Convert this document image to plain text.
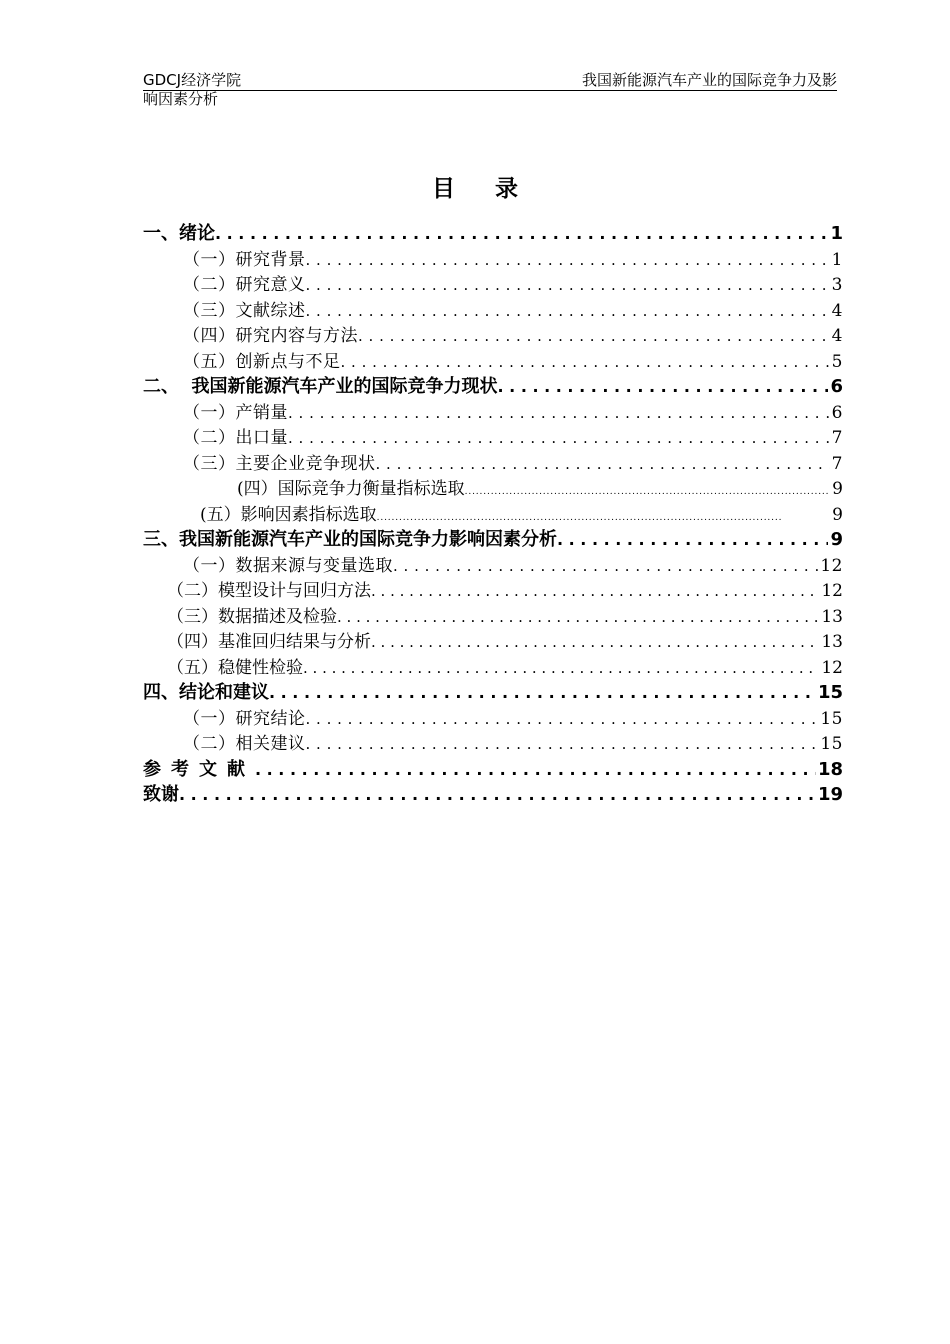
GDCJ经济学院	我国新能源汽车产业的国际竞争力及影
响因素分析
目录
一、绪论 . . .	1
（一）研究背景 . . .	1
（二）研究意义 . . .	3
（三）文献综述 . . .	4
（四）研究内容与方法 . . .	4
（五）创新点与不足 . . .	5
二、  我国新能源汽车产业的国际竞争力现状 . . .	6
（一）产销量 . . .	6
（二）出口量 . . .	7
（三）主要企业竞争现状 . . .	7
(四）国际竞争力衡量指标选取 . . .	9
(五）影响因素指标选取 . . .	9
三、我国新能源汽车产业的国际竞争力影响因素分析 . . .	9
（一）数据来源与变量选取 . . .	12
（二）模型设计与回归方法 . . .	12
（三）数据描述及检验 . . .	13
（四）基准回归结果与分析 . . .	13
（五）稳健性检验 . . .	12
四、结论和建议 . . .	15
（一）研究结论 . . .	15
（二）相关建议 . . .	15
参考文献 . . .	18
致谢 . . .	19
